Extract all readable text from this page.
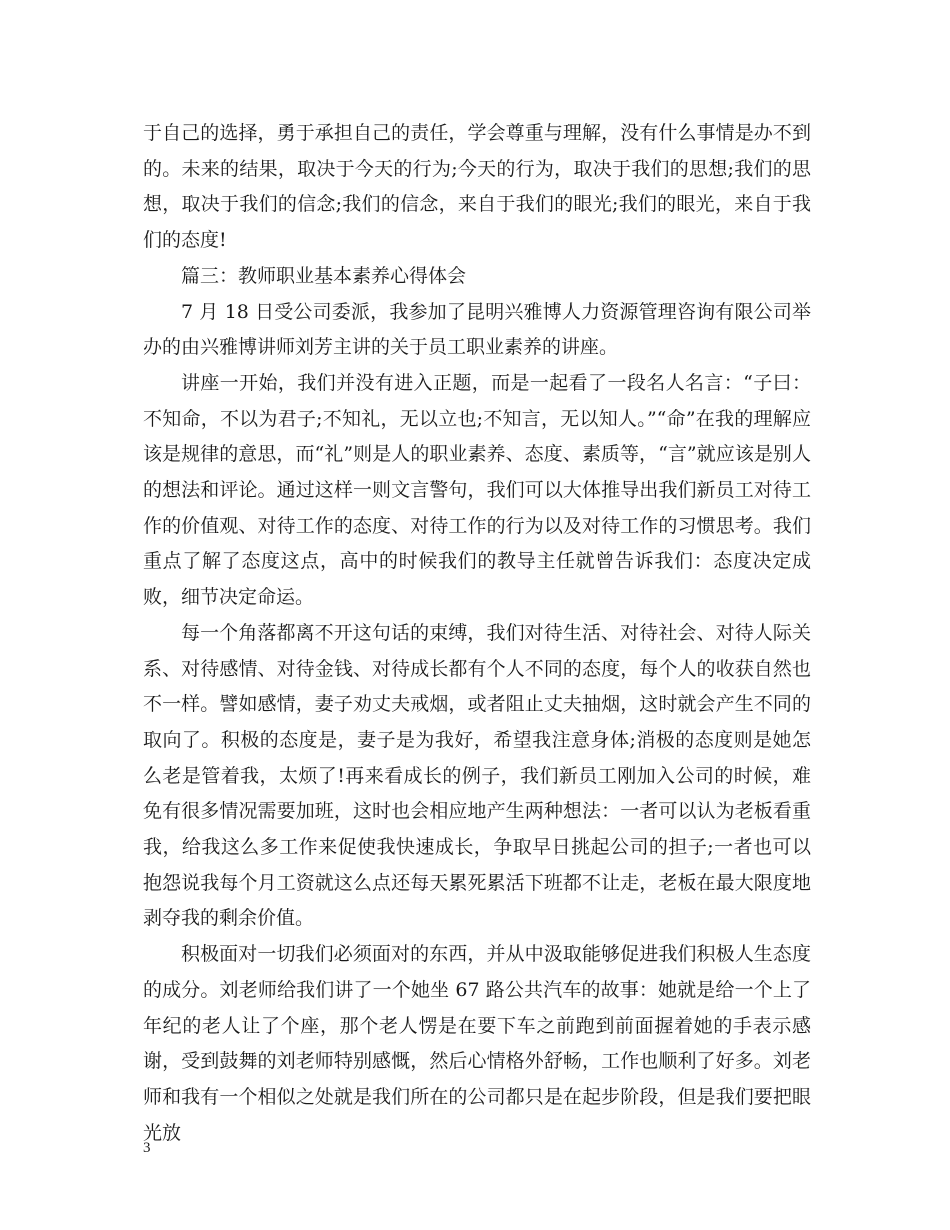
于自己的选择，勇于承担自己的责任，学会尊重与理解，没有什么事情是办不到的。未来的结果，取决于今天的行为;今天的行为，取决于我们的思想;我们的思想，取决于我们的信念;我们的信念，来自于我们的眼光;我们的眼光，来自于我们的态度!

篇三：教师职业基本素养心得体会

7 月 18 日受公司委派，我参加了昆明兴雅博人力资源管理咨询有限公司举办的由兴雅博讲师刘芳主讲的关于员工职业素养的讲座。

讲座一开始，我们并没有进入正题，而是一起看了一段名人名言：“子曰：不知命，不以为君子;不知礼，无以立也;不知言，无以知人。”“命”在我的理解应该是规律的意思，而“礼”则是人的职业素养、态度、素质等，“言”就应该是别人的想法和评论。通过这样一则文言警句，我们可以大体推导出我们新员工对待工作的价值观、对待工作的态度、对待工作的行为以及对待工作的习惯思考。我们重点了解了态度这点，高中的时候我们的教导主任就曾告诉我们：态度决定成败，细节决定命运。

每一个角落都离不开这句话的束缚，我们对待生活、对待社会、对待人际关系、对待感情、对待金钱、对待成长都有个人不同的态度，每个人的收获自然也不一样。譬如感情，妻子劝丈夫戒烟，或者阻止丈夫抽烟，这时就会产生不同的取向了。积极的态度是，妻子是为我好，希望我注意身体;消极的态度则是她怎么老是管着我，太烦了!再来看成长的例子，我们新员工刚加入公司的时候，难免有很多情况需要加班，这时也会相应地产生两种想法：一者可以认为老板看重我，给我这么多工作来促使我快速成长，争取早日挑起公司的担子;一者也可以抱怨说我每个月工资就这么点还每天累死累活下班都不让走，老板在最大限度地剥夺我的剩余价值。

积极面对一切我们必须面对的东西，并从中汲取能够促进我们积极人生态度的成分。刘老师给我们讲了一个她坐 67 路公共汽车的故事：她就是给一个上了年纪的老人让了个座，那个老人愣是在要下车之前跑到前面握着她的手表示感谢，受到鼓舞的刘老师特别感慨，然后心情格外舒畅，工作也顺利了好多。刘老师和我有一个相似之处就是我们所在的公司都只是在起步阶段，但是我们要把眼光放

3
